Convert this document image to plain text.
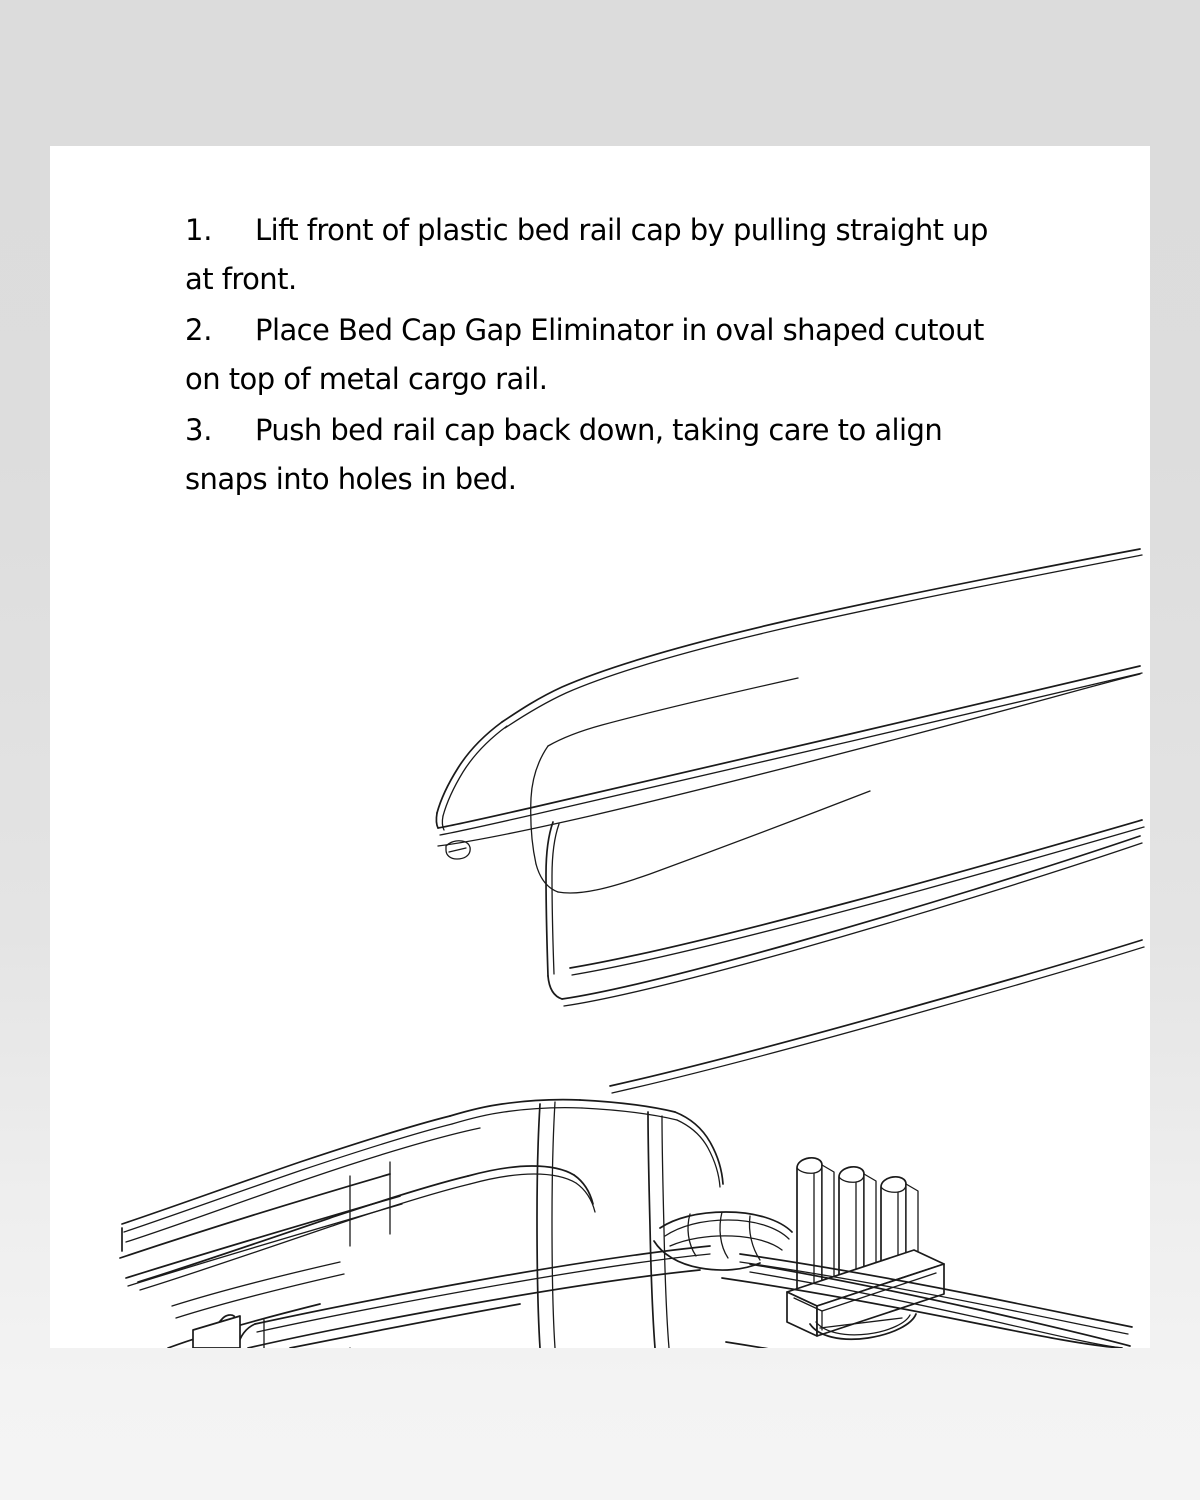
1.	Lift front of plastic bed rail cap by pulling straight up at front.
2.	Place Bed Cap Gap Eliminator in oval shaped cutout on top of metal cargo rail.
3.	Push bed rail cap back down, taking care to align snaps into holes in bed.
